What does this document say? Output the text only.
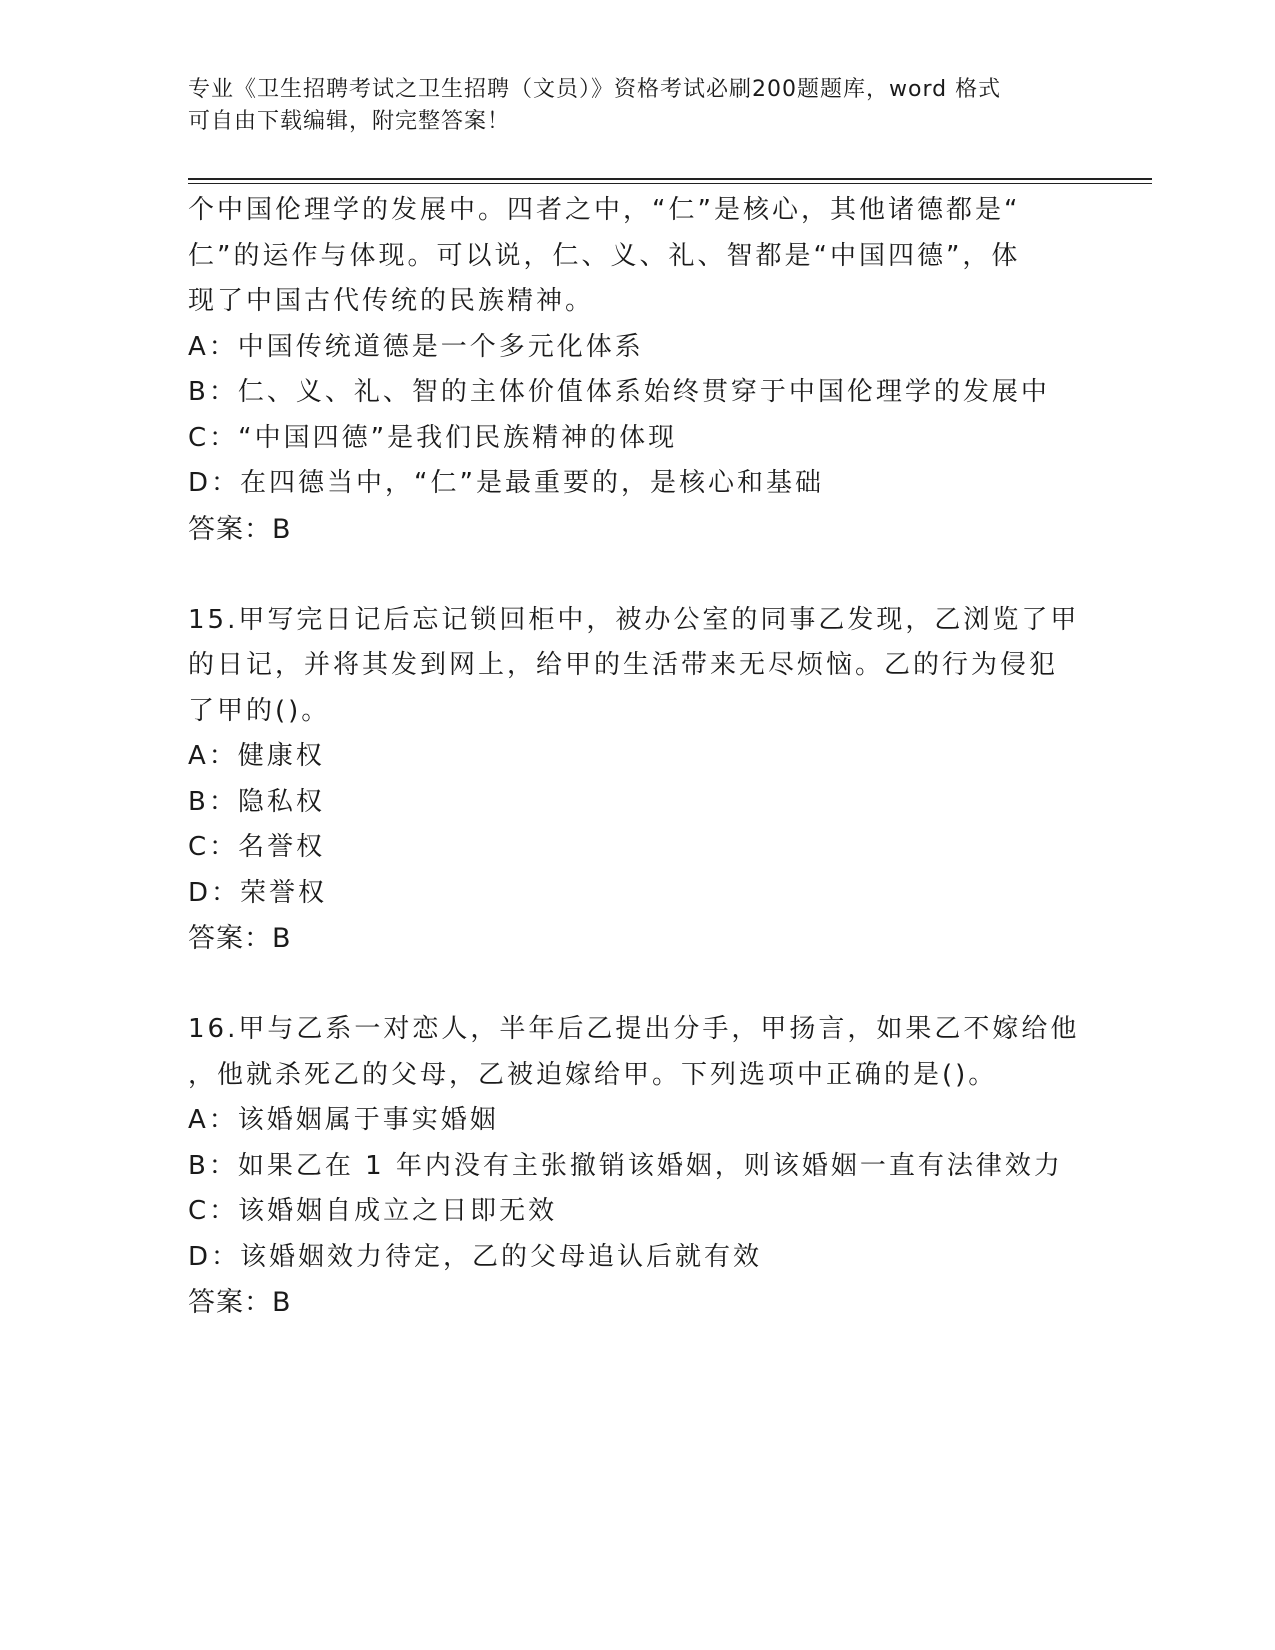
专业《卫生招聘考试之卫生招聘（文员）》资格考试必刷200题题库，word 格式
可自由下载编辑，附完整答案！
个中国伦理学的发展中。四者之中，“仁”是核心，其他诸德都是“
仁”的运作与体现。可以说，仁、义、礼、智都是“中国四德”，体
现了中国古代传统的民族精神。
A：中国传统道德是一个多元化体系
B：仁、义、礼、智的主体价值体系始终贯穿于中国伦理学的发展中
C：“中国四德”是我们民族精神的体现
D：在四德当中，“仁”是最重要的，是核心和基础
答案：B
15.甲写完日记后忘记锁回柜中，被办公室的同事乙发现，乙浏览了甲
的日记，并将其发到网上，给甲的生活带来无尽烦恼。乙的行为侵犯
了甲的()。
A：健康权
B：隐私权
C：名誉权
D：荣誉权
答案：B
16.甲与乙系一对恋人，半年后乙提出分手，甲扬言，如果乙不嫁给他
，他就杀死乙的父母，乙被迫嫁给甲。下列选项中正确的是()。
A：该婚姻属于事实婚姻
B：如果乙在 1 年内没有主张撤销该婚姻，则该婚姻一直有法律效力
C：该婚姻自成立之日即无效
D：该婚姻效力待定，乙的父母追认后就有效
答案：B
